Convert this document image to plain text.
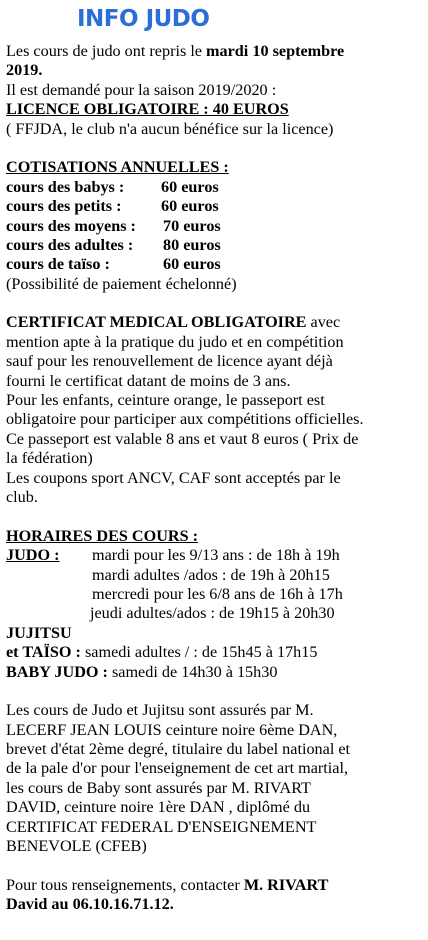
INFO JUDO
Les cours de judo ont repris le mardi 10 septembre
2019.
Il est demandé pour la saison 2019/2020 :
LICENCE OBLIGATOIRE : 40 EUROS
( FFJDA, le club n'a aucun bénéfice sur la licence)
COTISATIONS ANNUELLES :
cours des babys : 60 euros
cours des petits : 60 euros
cours des moyens : 70 euros
cours des adultes : 80 euros
cours de taïso :	60 euros
(Possibilité de paiement échelonné)
CERTIFICAT MEDICAL OBLIGATOIRE avec
mention apte à la pratique du judo et en compétition
sauf pour les renouvellement de licence ayant déjà
fourni le certificat datant de moins de 3 ans.
Pour les enfants, ceinture orange, le passeport est
obligatoire pour participer aux compétitions officielles.
Ce passeport est valable 8 ans et vaut 8 euros ( Prix de
la fédération)
Les coupons sport ANCV, CAF sont acceptés par le
club.
HORAIRES DES COURS :
JUDO : mardi pour les 9/13 ans : de 18h à 19h
mardi adultes /ados : de 19h à 20h15
mercredi pour les 6/8 ans de 16h à 17h
jeudi adultes/ados : de 19h15 à 20h30
JUJITSU
et TAÏSO : samedi adultes / : de 15h45 à 17h15
BABY JUDO : samedi de 14h30 à 15h30
Les cours de Judo et Jujitsu sont assurés par M.
LECERF JEAN LOUIS ceinture noire 6ème DAN,
brevet d'état 2ème degré, titulaire du label national et
de la pale d'or pour l'enseignement de cet art martial,
les cours de Baby sont assurés par M. RIVART
DAVID, ceinture noire 1ère DAN , diplômé du
CERTIFICAT FEDERAL D'ENSEIGNEMENT
BENEVOLE (CFEB)
Pour tous renseignements, contacter M. RIVART
David au 06.10.16.71.12.
